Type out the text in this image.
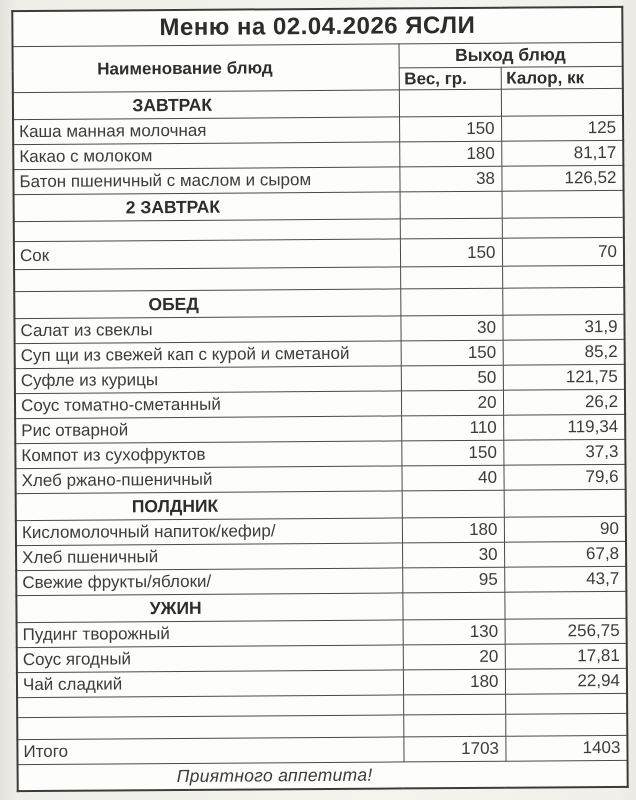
Меню на 02.04.2026 ЯСЛИ		
Наименование блюд	Выход блюд	
	Вес, гр.	Калор, кк
ЗАВТРАК		
Каша манная молочная	150	125
Какао с молоком	180	81,17
Батон пшеничный с маслом и сыром	38	126,52
2 ЗАВТРАК		

Сок	150	70

ОБЕД		
Салат из свеклы	30	31,9
Суп щи из свежей кап с курой и сметаной	150	85,2
Суфле из курицы	50	121,75
Соус томатно-сметанный	20	26,2
Рис отварной	110	119,34
Компот из сухофруктов	150	37,3
Хлеб ржано-пшеничный	40	79,6
ПОЛДНИК		
Кисломолочный напиток/кефир/	180	90
Хлеб пшеничный	30	67,8
Свежие фрукты/яблоки/	95	43,7
УЖИН		
Пудинг творожный	130	256,75
Соус ягодный	20	17,81
Чай сладкий	180	22,94

Итого	1703	1403
Приятного аппетита!		
